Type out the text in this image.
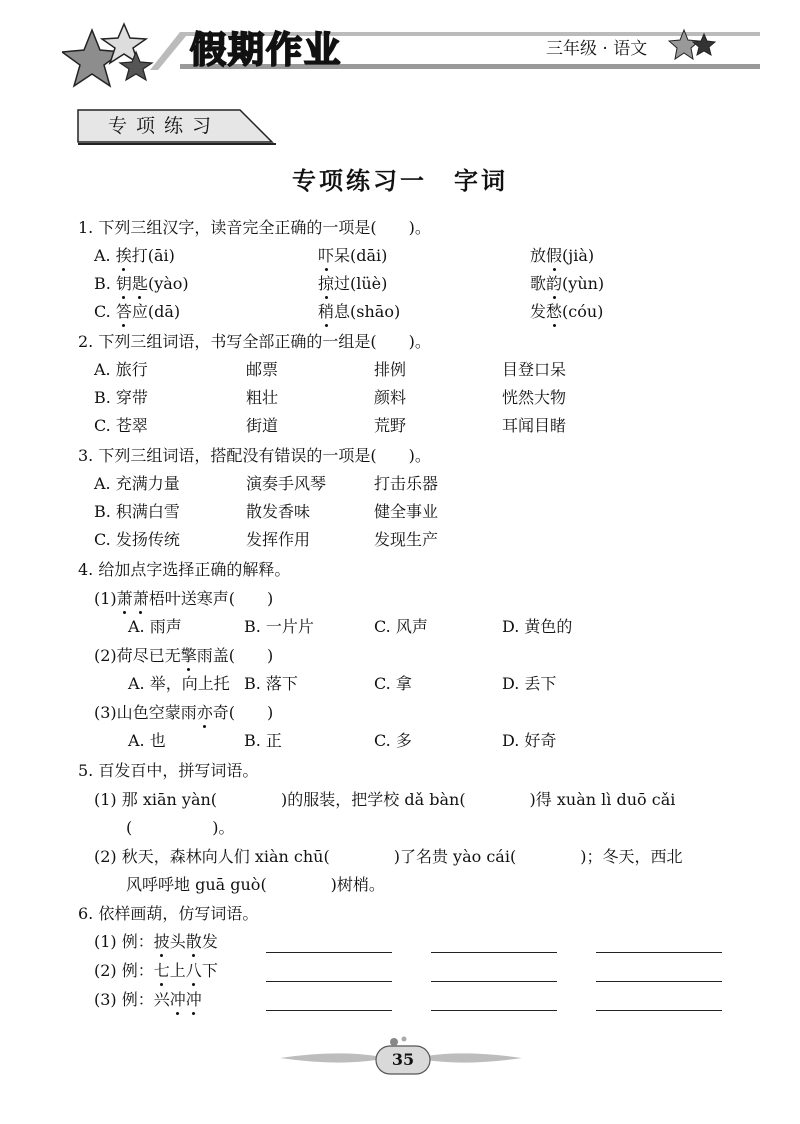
假期作业	三年级 · 语文
专项练习
专项练习一　字词
1. 下列三组汉字，读音完全正确的一项是(　　)。
A. 挨打(āi)	吓呆(dāi)	放假(jià)
B. 钥匙(yào)	掠过(lüè)	歌韵(yùn)
C. 答应(dā)	稍息(shāo)	发愁(cóu)
2. 下列三组词语，书写全部正确的一组是(　　)。
A. 旅行	邮票	排例	目登口呆
B. 穿带	粗壮	颜料	恍然大物
C. 苍翠	街道	荒野	耳闻目睹
3. 下列三组词语，搭配没有错误的一项是(　　)。
A. 充满力量	演奏手风琴	打击乐器
B. 积满白雪	散发香味	健全事业
C. 发扬传统	发挥作用	发现生产
4. 给加点字选择正确的解释。
(1)萧萧梧叶送寒声(　　)
A. 雨声	B. 一片片	C. 风声	D. 黄色的
(2)荷尽已无擎雨盖(　　)
A. 举，向上托 B. 落下	C. 拿	D. 丢下
(3)山色空蒙雨亦奇(　　)
A. 也	B. 正	C. 多	D. 好奇
5. 百发百中，拼写词语。
(1) 那 xiān yàn(　　　　)的服装，把学校 dǎ bàn(　　　　)得 xuàn lì duō cǎi
(　　　　　)。
(2) 秋天，森林向人们 xiàn chū(　　　　)了名贵 yào cái(　　　　)；冬天，西北
风呼呼地 guā guò(　　　　)树梢。
6. 依样画葫，仿写词语。
(1) 例：披头散发
(2) 例：七上八下
(3) 例：兴冲冲
35
